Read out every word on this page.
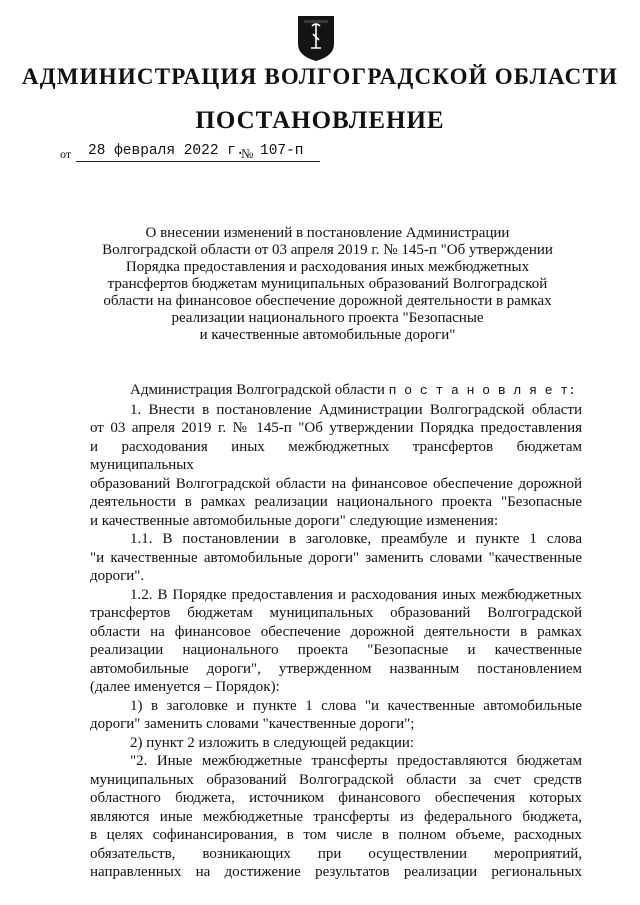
АДМИНИСТРАЦИЯ ВОЛГОГРАДСКОЙ ОБЛАСТИ
ПОСТАНОВЛЕНИЕ
от 28 февраля 2022 г.
№ 107-п
О внесении изменений в постановление Администрации
Волгоградской области от 03 апреля 2019 г. № 145-п "Об утверждении
Порядка предоставления и расходования иных межбюджетных
трансфертов бюджетам муниципальных образований Волгоградской
области на финансовое обеспечение дорожной деятельности в рамках
реализации национального проекта "Безопасные
и качественные автомобильные дороги"
Администрация Волгоградской области п о с т а н о в л я е т:
1. Внести в постановление Администрации Волгоградской области
от 03 апреля 2019 г. № 145-п "Об утверждении Порядка предоставления
и расходования иных межбюджетных трансфертов бюджетам муниципальных
образований Волгоградской области на финансовое обеспечение дорожной
деятельности в рамках реализации национального проекта "Безопасные
и качественные автомобильные дороги" следующие изменения:
1.1. В постановлении в заголовке, преамбуле и пункте 1 слова
"и качественные автомобильные дороги" заменить словами "качественные
дороги".
1.2. В Порядке предоставления и расходования иных межбюджетных
трансфертов бюджетам муниципальных образований Волгоградской
области на финансовое обеспечение дорожной деятельности в рамках
реализации национального проекта "Безопасные и качественные
автомобильные дороги", утвержденном названным постановлением
(далее именуется – Порядок):
1) в заголовке и пункте 1 слова "и качественные автомобильные
дороги" заменить словами "качественные дороги";
2) пункт 2 изложить в следующей редакции:
"2. Иные межбюджетные трансферты предоставляются бюджетам
муниципальных образований Волгоградской области за счет средств
областного бюджета, источником финансового обеспечения которых
являются иные межбюджетные трансферты из федерального бюджета,
в целях софинансирования, в том числе в полном объеме, расходных
обязательств, возникающих при осуществлении мероприятий,
направленных на достижение результатов реализации региональных
